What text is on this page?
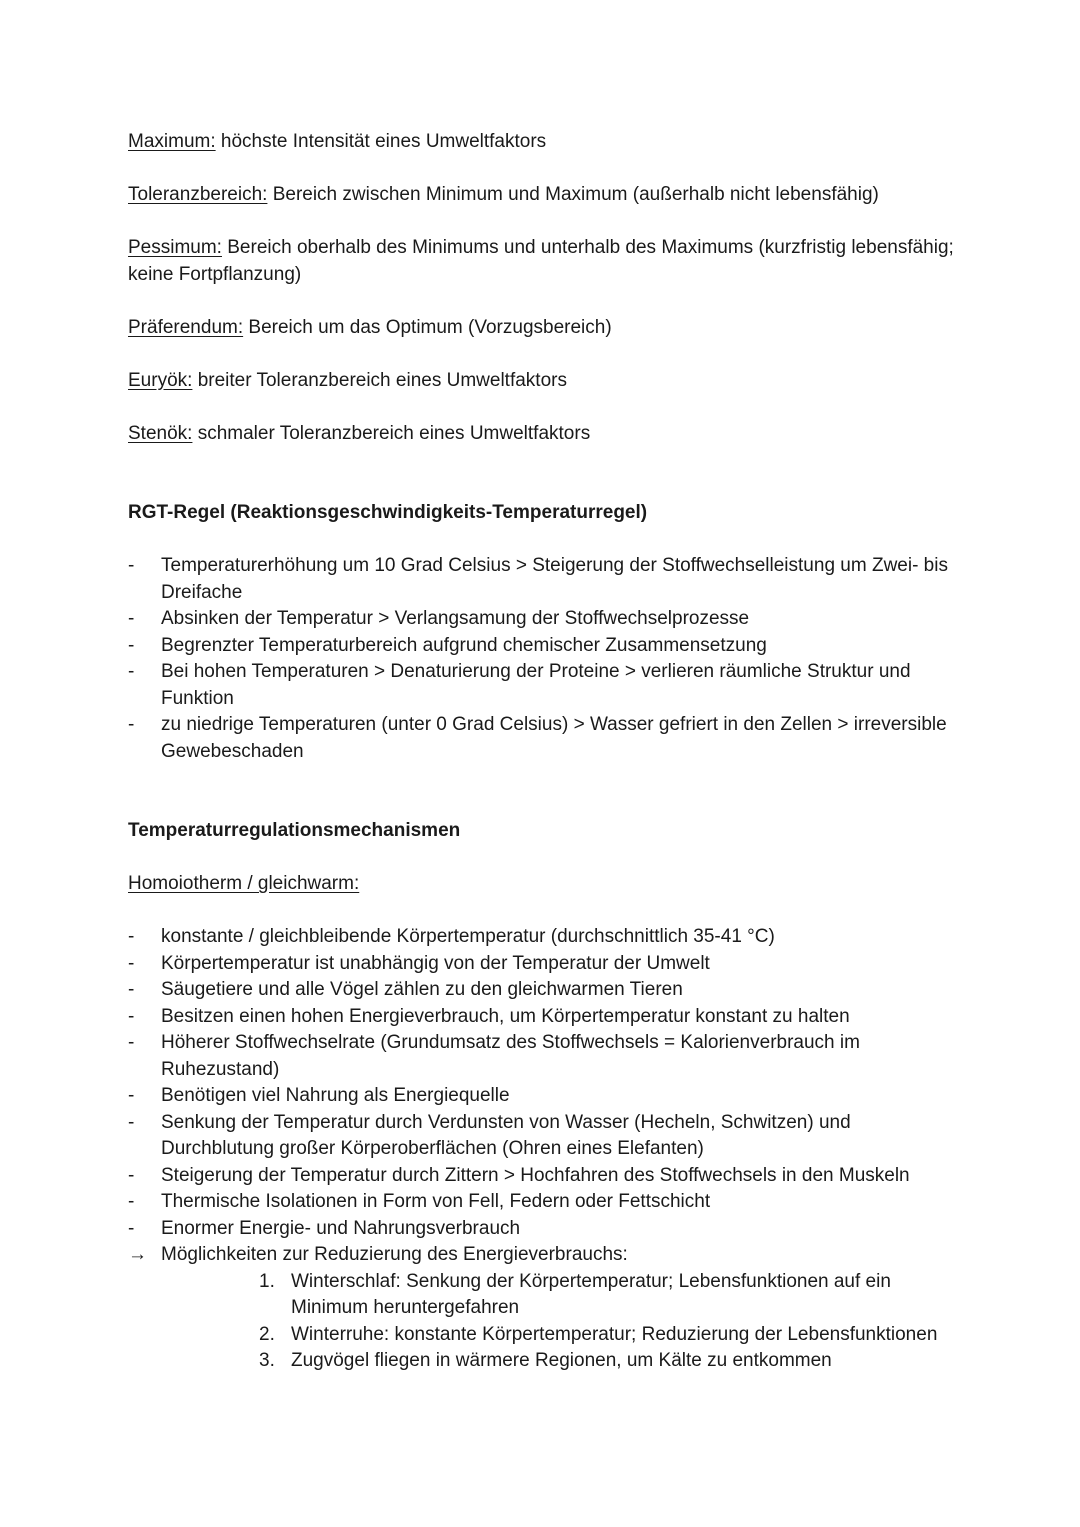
Maximum: höchste Intensität eines Umweltfaktors

Toleranzbereich: Bereich zwischen Minimum und Maximum (außerhalb nicht lebensfähig)

Pessimum: Bereich oberhalb des Minimums und unterhalb des Maximums (kurzfristig lebensfähig; keine Fortpflanzung)

Präferendum: Bereich um das Optimum (Vorzugsbereich)

Euryök: breiter Toleranzbereich eines Umweltfaktors

Stenök: schmaler Toleranzbereich eines Umweltfaktors

RGT-Regel (Reaktionsgeschwindigkeits-Temperaturregel)

- Temperaturerhöhung um 10 Grad Celsius > Steigerung der Stoffwechselleistung um Zwei- bis Dreifache
- Absinken der Temperatur > Verlangsamung der Stoffwechselprozesse
- Begrenzter Temperaturbereich aufgrund chemischer Zusammensetzung
- Bei hohen Temperaturen > Denaturierung der Proteine > verlieren räumliche Struktur und Funktion
- zu niedrige Temperaturen (unter 0 Grad Celsius) > Wasser gefriert in den Zellen > irreversible Gewebeschaden

Temperaturregulationsmechanismen

Homoiotherm / gleichwarm:

- konstante / gleichbleibende Körpertemperatur (durchschnittlich 35-41 °C)
- Körpertemperatur ist unabhängig von der Temperatur der Umwelt
- Säugetiere und alle Vögel zählen zu den gleichwarmen Tieren
- Besitzen einen hohen Energieverbrauch, um Körpertemperatur konstant zu halten
- Höherer Stoffwechselrate (Grundumsatz des Stoffwechsels = Kalorienverbrauch im Ruhezustand)
- Benötigen viel Nahrung als Energiequelle
- Senkung der Temperatur durch Verdunsten von Wasser (Hecheln, Schwitzen) und Durchblutung großer Körperoberflächen (Ohren eines Elefanten)
- Steigerung der Temperatur durch Zittern > Hochfahren des Stoffwechsels in den Muskeln
- Thermische Isolationen in Form von Fell, Federn oder Fettschicht
- Enormer Energie- und Nahrungsverbrauch
→ Möglichkeiten zur Reduzierung des Energieverbrauchs:
1. Winterschlaf: Senkung der Körpertemperatur; Lebensfunktionen auf ein Minimum heruntergefahren
2. Winterruhe: konstante Körpertemperatur; Reduzierung der Lebensfunktionen
3. Zugvögel fliegen in wärmere Regionen, um Kälte zu entkommen
